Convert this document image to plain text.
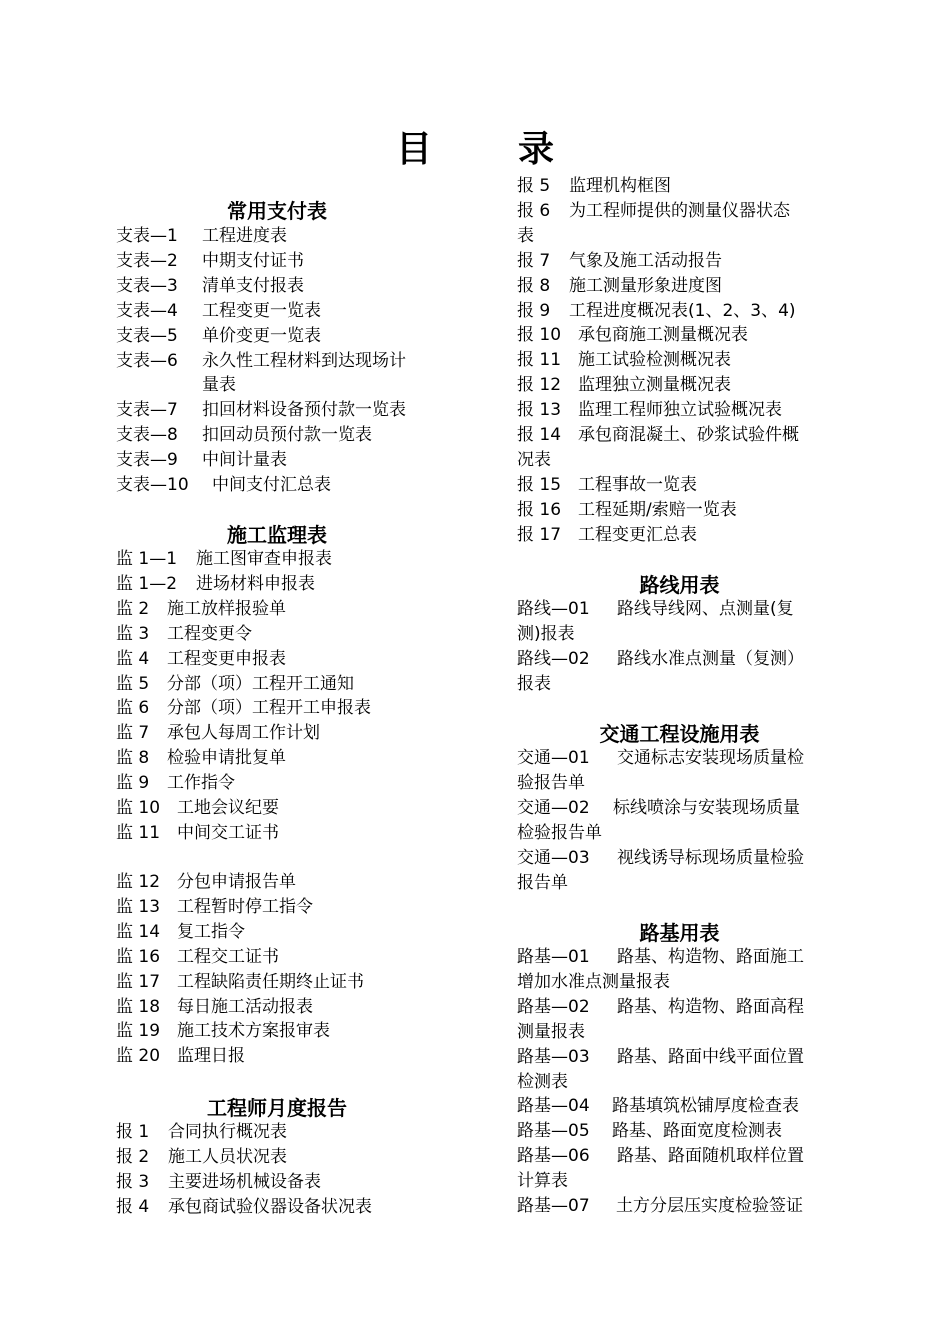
目 录
常用支付表
支表—1 工程进度表
支表—2 中期支付证书
支表—3 清单支付报表
支表—4 工程变更一览表
支表—5 单价变更一览表
支表—6 永久性工程材料到达现场计
量表
支表—7 扣回材料设备预付款一览表
支表—8 扣回动员预付款一览表
支表—9 中间计量表
支表—10 中间支付汇总表
施工监理表
监 1—1 施工图审查申报表
监 1—2 进场材料申报表
监 2 施工放样报验单
监 3 工程变更令
监 4 工程变更申报表
监 5 分部（项）工程开工通知
监 6 分部（项）工程开工申报表
监 7 承包人每周工作计划
监 8 检验申请批复单
监 9 工作指令
监 10 工地会议纪要
监 11 中间交工证书
监 12 分包申请报告单
监 13 工程暂时停工指令
监 14 复工指令
监 16 工程交工证书
监 17 工程缺陷责任期终止证书
监 18 每日施工活动报表
监 19 施工技术方案报审表
监 20 监理日报
工程师月度报告
报 1 合同执行概况表
报 2 施工人员状况表
报 3 主要进场机械设备表
报 4 承包商试验仪器设备状况表
报 5 监理机构框图
报 6 为工程师提供的测量仪器状态
表
报 7 气象及施工活动报告
报 8 施工测量形象进度图
报 9 工程进度概况表(1、2、3、4)
报 10 承包商施工测量概况表
报 11 施工试验检测概况表
报 12 监理独立测量概况表
报 13 监理工程师独立试验概况表
报 14 承包商混凝土、砂浆试验件概
况表
报 15 工程事故一览表
报 16 工程延期/索赔一览表
报 17 工程变更汇总表
路线用表
路线—01 路线导线网、点测量(复
测)报表
路线—02 路线水准点测量（复测）
报表
交通工程设施用表
交通—01 交通标志安装现场质量检
验报告单
交通—02 标线喷涂与安装现场质量
检验报告单
交通—03 视线诱导标现场质量检验
报告单
路基用表
路基—01 路基、构造物、路面施工
增加水准点测量报表
路基—02 路基、构造物、路面高程
测量报表
路基—03 路基、路面中线平面位置
检测表
路基—04 路基填筑松铺厚度检查表
路基—05 路基、路面宽度检测表
路基—06 路基、路面随机取样位置
计算表
路基—07 土方分层压实度检验签证
